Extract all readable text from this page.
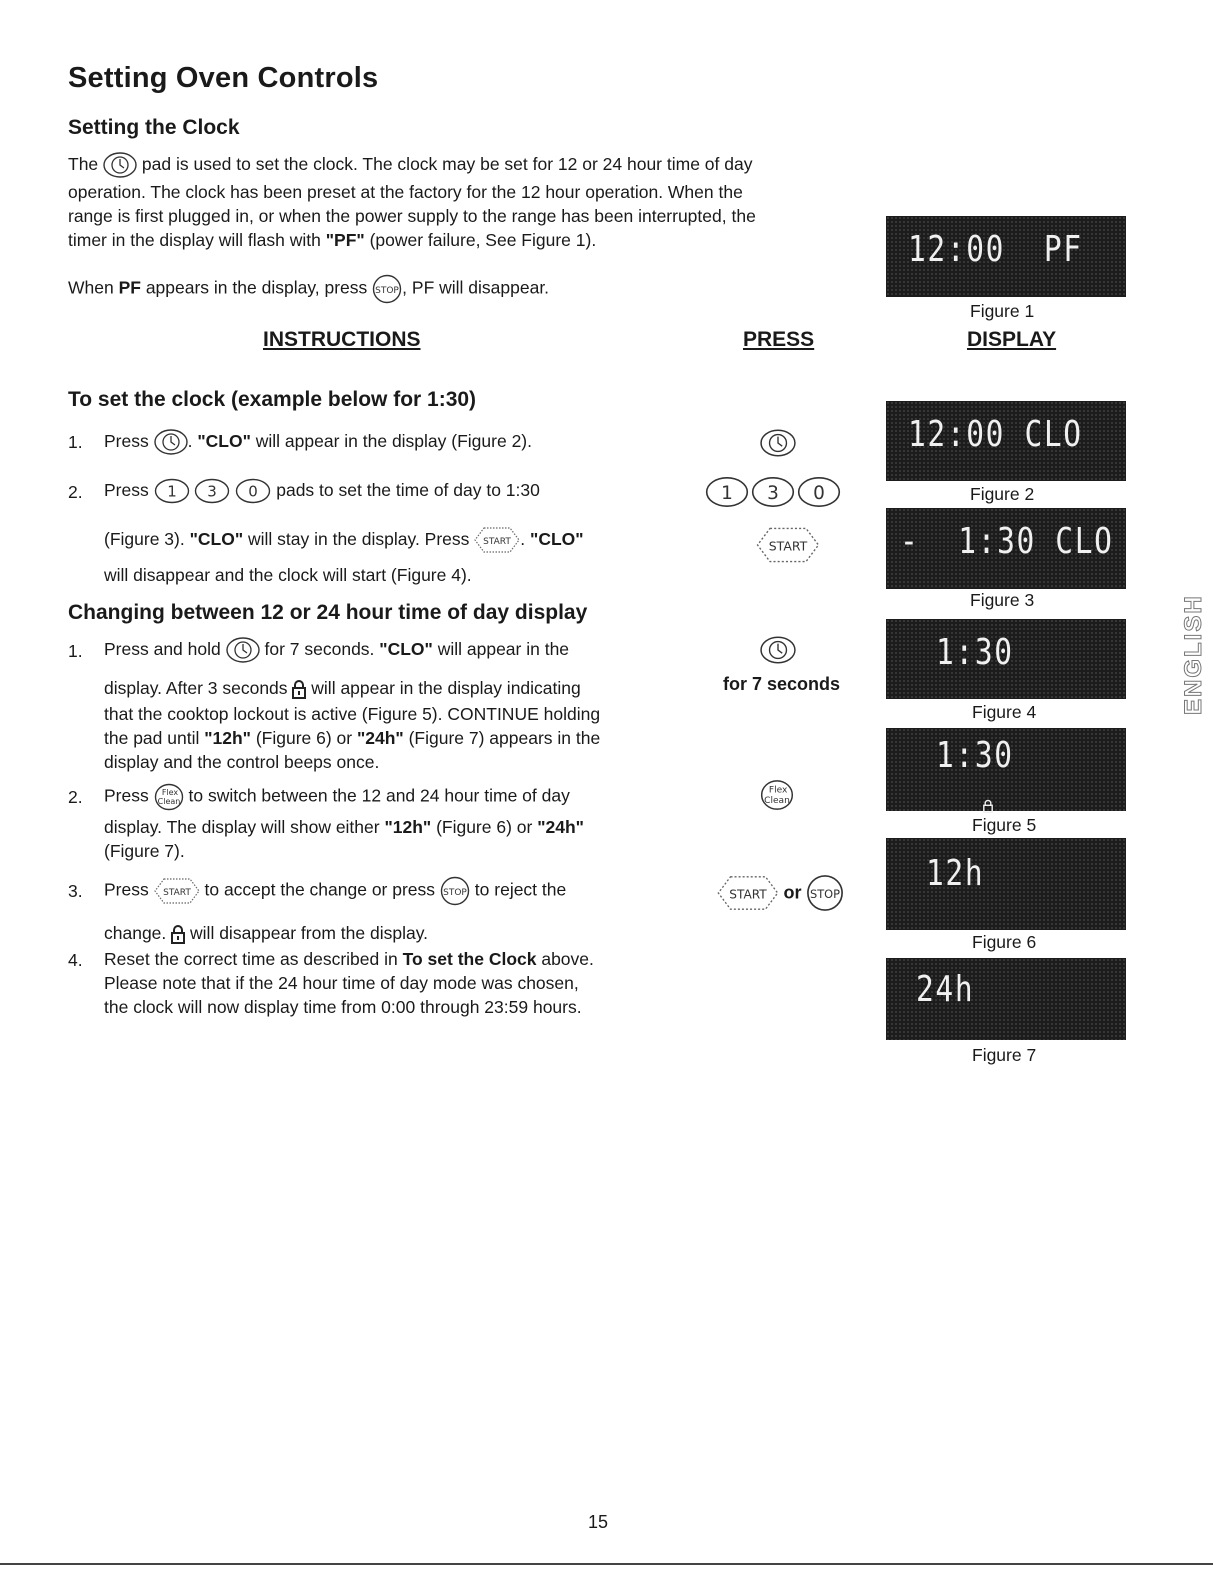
Setting Oven Controls
Setting the Clock
The	pad is used to set the clock. The clock may be set for 12 or 24 hour time of day
operation. The clock has been preset at the factory for the 12 hour operation. When the
range is first plugged in, or when the power supply to the range has been interrupted, the
timer in the display will flash with "PF" (power failure, See Figure 1).
When PF appears in the display, press STOP , PF will disappear.
INSTRUCTIONS	PRESS	DISPLAY
To set the clock (example below for 1:30)
1. Press . "CLO" will appear in the display (Figure 2).
2. Press 1
3
0 pads to set the time of day to 1:30
(Figure 3). "CLO" will stay in the display. Press START . "CLO"
will disappear and the clock will start (Figure 4).
Changing between 12 or 24 hour time of day display
1. Press and hold	for 7 seconds. "CLO" will appear in the
display. After 3 seconds will appear in the display indicating
that the cooktop lockout is active (Figure 5). CONTINUE holding
the pad until "12h" (Figure 6) or "24h" (Figure 7) appears in the
display and the control beeps once.
2. Press Flex
Clean to switch between the 12 and 24 hour time of day
display. The display will show either "12h" (Figure 6) or "24h"
(Figure 7).
3. Press START to accept the change or press STOP to reject the
change. will disappear from the display.
4. Reset the correct time as described in To set the Clock above.
Please note that if the 24 hour time of day mode was chosen,
the clock will now display time from 0:00 through 23:59 hours.
1 3 0
START
for 7 seconds
Flex
Clean
START or STOP
12:00  PF
Figure 1
12:00 CLO
Figure 2
-  1:30 CLO
Figure 3
1:30
Figure 4
1:30
Figure 5
12h
Figure 6
24h
Figure 7
ENGLISH
15
